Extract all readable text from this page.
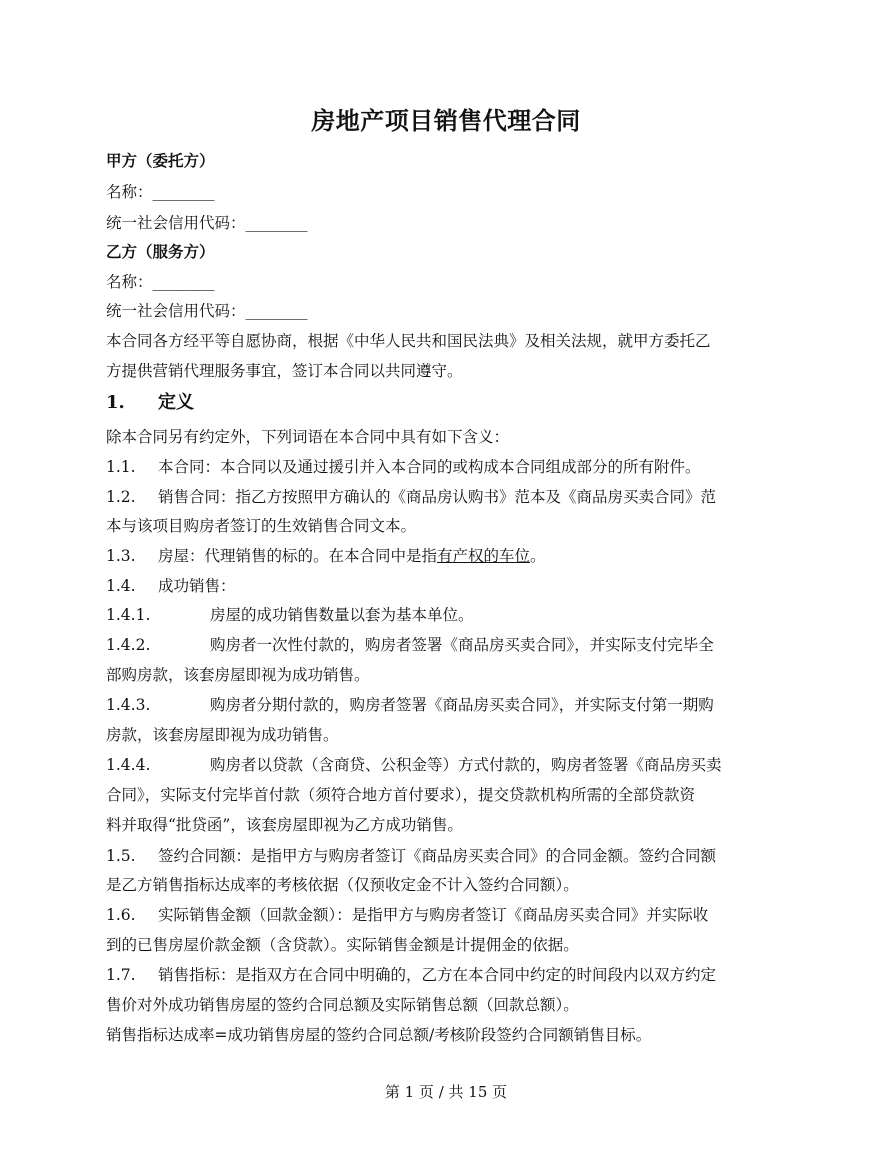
房地产项目销售代理合同
甲方（委托方）
名称：________
统一社会信用代码：________
乙方（服务方）
名称：________
统一社会信用代码：________
本合同各方经平等自愿协商，根据《中华人民共和国民法典》及相关法规，就甲方委托乙
方提供营销代理服务事宜，签订本合同以共同遵守。
1. 定义
除本合同另有约定外，下列词语在本合同中具有如下含义：
1.1. 本合同：本合同以及通过援引并入本合同的或构成本合同组成部分的所有附件。
1.2. 销售合同：指乙方按照甲方确认的《商品房认购书》范本及《商品房买卖合同》范
本与该项目购房者签订的生效销售合同文本。
1.3. 房屋：代理销售的标的。在本合同中是指有产权的车位。
1.4. 成功销售：
1.4.1.	房屋的成功销售数量以套为基本单位。
1.4.2.	购房者一次性付款的，购房者签署《商品房买卖合同》，并实际支付完毕全
部购房款，该套房屋即视为成功销售。
1.4.3.	购房者分期付款的，购房者签署《商品房买卖合同》，并实际支付第一期购
房款，该套房屋即视为成功销售。
1.4.4.	购房者以贷款（含商贷、公积金等）方式付款的，购房者签署《商品房买卖
合同》，实际支付完毕首付款（须符合地方首付要求），提交贷款机构所需的全部贷款资
料并取得“批贷函”，该套房屋即视为乙方成功销售。
1.5. 签约合同额：是指甲方与购房者签订《商品房买卖合同》的合同金额。签约合同额
是乙方销售指标达成率的考核依据（仅预收定金不计入签约合同额）。
1.6. 实际销售金额（回款金额）：是指甲方与购房者签订《商品房买卖合同》并实际收
到的已售房屋价款金额（含贷款）。实际销售金额是计提佣金的依据。
1.7. 销售指标：是指双方在合同中明确的，乙方在本合同中约定的时间段内以双方约定
售价对外成功销售房屋的签约合同总额及实际销售总额（回款总额）。
销售指标达成率=成功销售房屋的签约合同总额/考核阶段签约合同额销售目标。
第 1 页 / 共 15 页
